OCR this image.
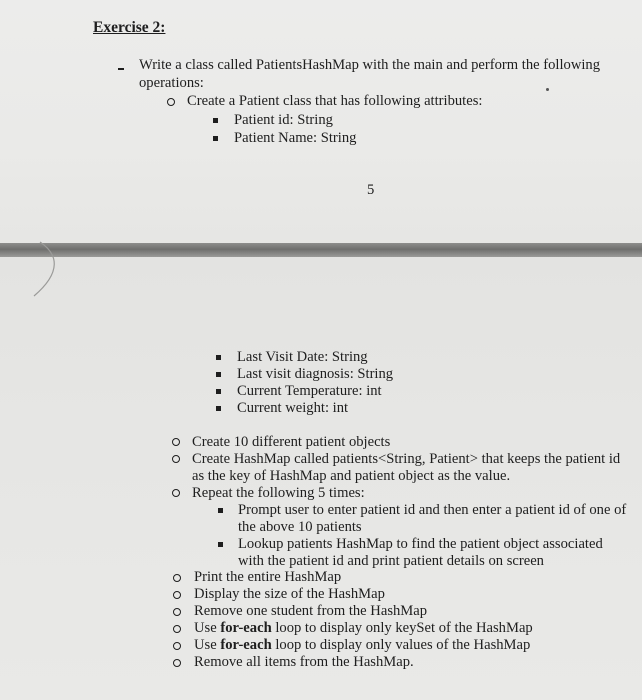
Exercise 2:
Write a class called PatientsHashMap with the main and perform the following
operations:
Create a Patient class that has following attributes:
Patient id: String
Patient Name: String
5
Last Visit Date: String
Last visit diagnosis: String
Current Temperature: int
Current weight: int
Create 10 different patient objects
Create HashMap called patients<String, Patient> that keeps the patient id
as the key of HashMap and patient object as the value.
Repeat the following 5 times:
Prompt user to enter patient id and then enter a patient id of one of
the above 10 patients
Lookup patients HashMap to find the patient object associated
with the patient id and print patient details on screen
Print the entire HashMap
Display the size of the HashMap
Remove one student from the HashMap
Use for-each loop to display only keySet of the HashMap
Use for-each loop to display only values of the HashMap
Remove all items from the HashMap.
